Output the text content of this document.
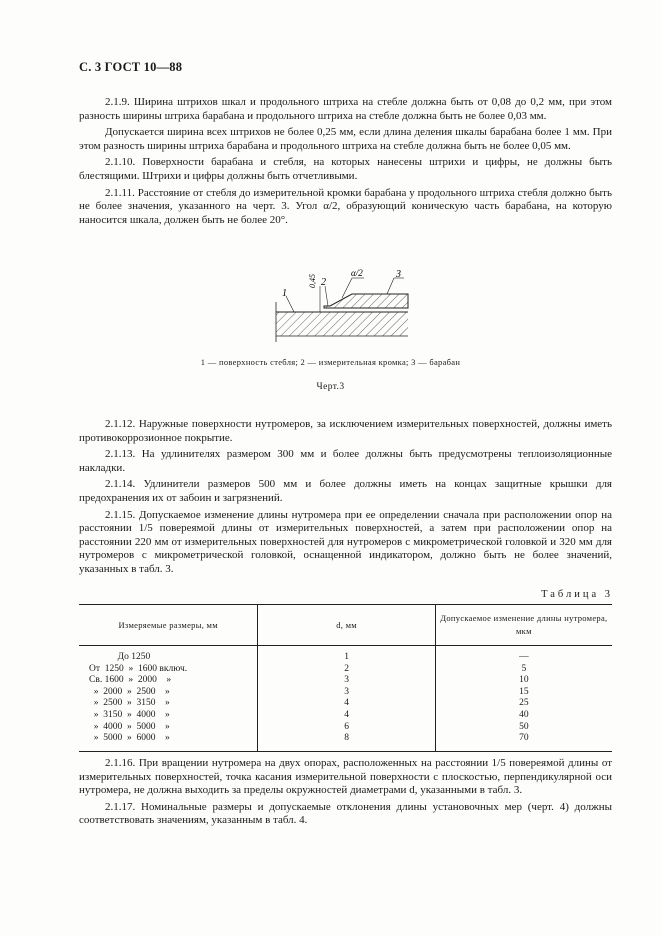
С. 3 ГОСТ 10—88

2.1.9. Ширина штрихов шкал и продольного штриха на стебле должна быть от 0,08 до 0,2 мм, при этом разность ширины штриха барабана и продольного штриха на стебле должна быть не более 0,03 мм.

Допускается ширина всех штрихов не более 0,25 мм, если длина деления шкалы барабана более 1 мм. При этом разность ширины штриха барабана и продольного штриха на стебле должна быть не более 0,05 мм.

2.1.10. Поверхности барабана и стебля, на которых нанесены штрихи и цифры, не должны быть блестящими. Штрихи и цифры должны быть отчетливыми.

2.1.11. Расстояние от стебля до измерительной кромки барабана у продольного штриха стебля должно быть не более значения, указанного на черт. 3. Угол α/2, образующий коническую часть барабана, на которую наносится шкала, должен быть не более 20°.

0,45
1
2
3
α/2
1 — поверхность стебля; 2 — измерительная кромка; 3 — барабан
Черт.3

2.1.12. Наружные поверхности нутромеров, за исключением измерительных поверхностей, должны иметь противокоррозионное покрытие.

2.1.13. На удлинителях размером 300 мм и более должны быть предусмотрены теплоизоляционные накладки.

2.1.14. Удлинители размеров 500 мм и более должны иметь на концах защитные крышки для предохранения их от забоин и загрязнений.

2.1.15. Допускаемое изменение длины нутромера при ее определении сначала при расположении опор на расстоянии 1/5 повереямой длины от измерительных поверхностей, а затем при расположении опор на расстоянии 220 мм от измерительных поверхностей для нутромеров с микрометрической головкой и 320 мм для нутромеров с микрометрической головкой, оснащенной индикатором, должно быть не более значений, указанных в табл. 3.

Таблица 3
Измеряемые размеры, мм	d, мм	Допускаемое изменение длины нутромера, мкм
До 1250	1	—
От  1250  »  1600 включ.	2	5
Св. 1600  »  2000    »	3	10
»  2000  »  2500    »	3	15
»  2500  »  3150    »	4	25
»  3150  »  4000    »	4	40
»  4000  »  5000    »	6	50
»  5000  »  6000    »	8	70

2.1.16. При вращении нутромера на двух опорах, расположенных на расстоянии 1/5 повереямой длины от измерительных поверхностей, точка касания измерительной поверхности с плоскостью, перпендикулярной оси нутромера, не должна выходить за пределы окружностей диаметрами d, указанными в табл. 3.

2.1.17. Номинальные размеры и допускаемые отклонения длины установочных мер (черт. 4) должны соответствовать значениям, указанным в табл. 4.
